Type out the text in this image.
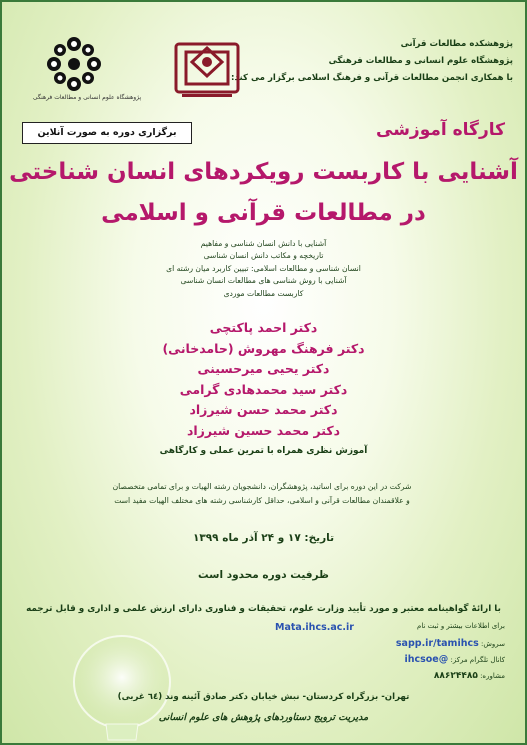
پژوهشکده مطالعات قرآنی
پژوهشگاه علوم انسانی و مطالعات فرهنگی
با همکاری انجمن مطالعات قرآنی و فرهنگ اسلامی برگزار می کند:
پژوهشگاه علوم انسانی و مطالعات فرهنگی
برگزاری دوره به صورت آنلاین	کارگاه آموزشی
آشنایی با کاربست رویکردهای انسان شناختی
در مطالعات قرآنی و اسلامی
آشنایی با دانش انسان شناسی و مفاهیم
تاریخچه و مکاتب دانش انسان شناسی
انسان شناسی و مطالعات اسلامی: تبیین کاربرد میان رشته ای
آشنایی با روش شناسی های مطالعات انسان شناسی
کاربست مطالعات موردی
دکتر احمد پاکتچی
دکتر فرهنگ مهروش (حامدخانی)
دکتر یحیی میرحسینی
دکتر سید محمدهادی گرامی
دکتر محمد حسن شیرزاد
دکتر محمد حسین شیرزاد
آموزش نظری همراه با تمرین عملی و کارگاهی
شرکت در این دوره برای اساتید، پژوهشگران، دانشجویان رشته الهیات و برای تمامی متخصصان
و علاقمندان مطالعات قرآنی و اسلامی، حداقل کارشناسی رشته های مختلف الهیات مفید است
تاریخ: ۱۷ و ۲۴ آذر ماه ۱۳۹۹
ظرفیت دوره محدود است
با ارائهٔ گواهینامه معتبر و مورد تأیید وزارت علوم، تحقیقات و فناوری دارای ارزش علمی و اداری و قابل ترجمه
برای اطلاعات بیشتر و ثبت نام
Mata.ihcs.ac.ir
سروش: sapp.ir/tamihcs
کانال تلگرام مرکز: @ihcsoe
مشاوره: ۸۸۶۲۴۴۸۵
تهران- بزرگراه کردستان- نبش خیابان دکتر صادق آئینه وند (٦٤ غربی)
مدیریت ترویج دستاوردهای پژوهش های علوم انسانی
